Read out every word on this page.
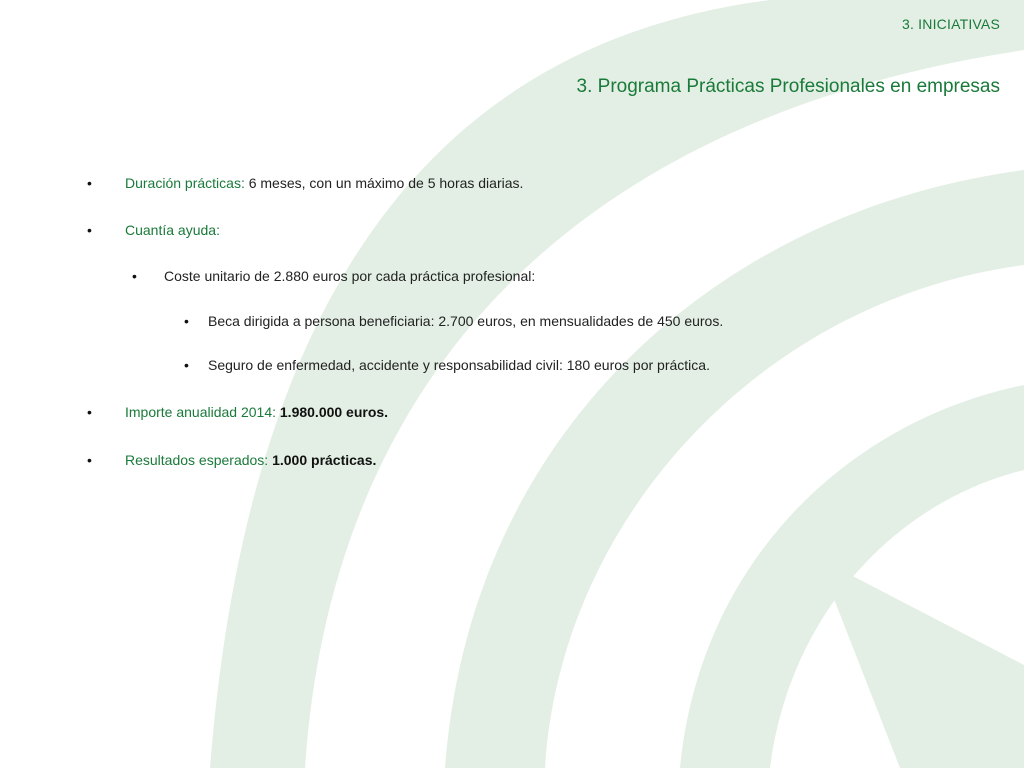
3. INICIATIVAS
3. Programa Prácticas Profesionales en empresas
• Duración prácticas: 6 meses, con un máximo de 5 horas diarias.
• Cuantía ayuda:
• Coste unitario de 2.880 euros por cada práctica profesional:
• Beca dirigida a persona beneficiaria: 2.700 euros, en mensualidades de 450 euros.
• Seguro de enfermedad, accidente y responsabilidad civil: 180 euros por práctica.
• Importe anualidad 2014: 1.980.000 euros.
• Resultados esperados: 1.000 prácticas.
